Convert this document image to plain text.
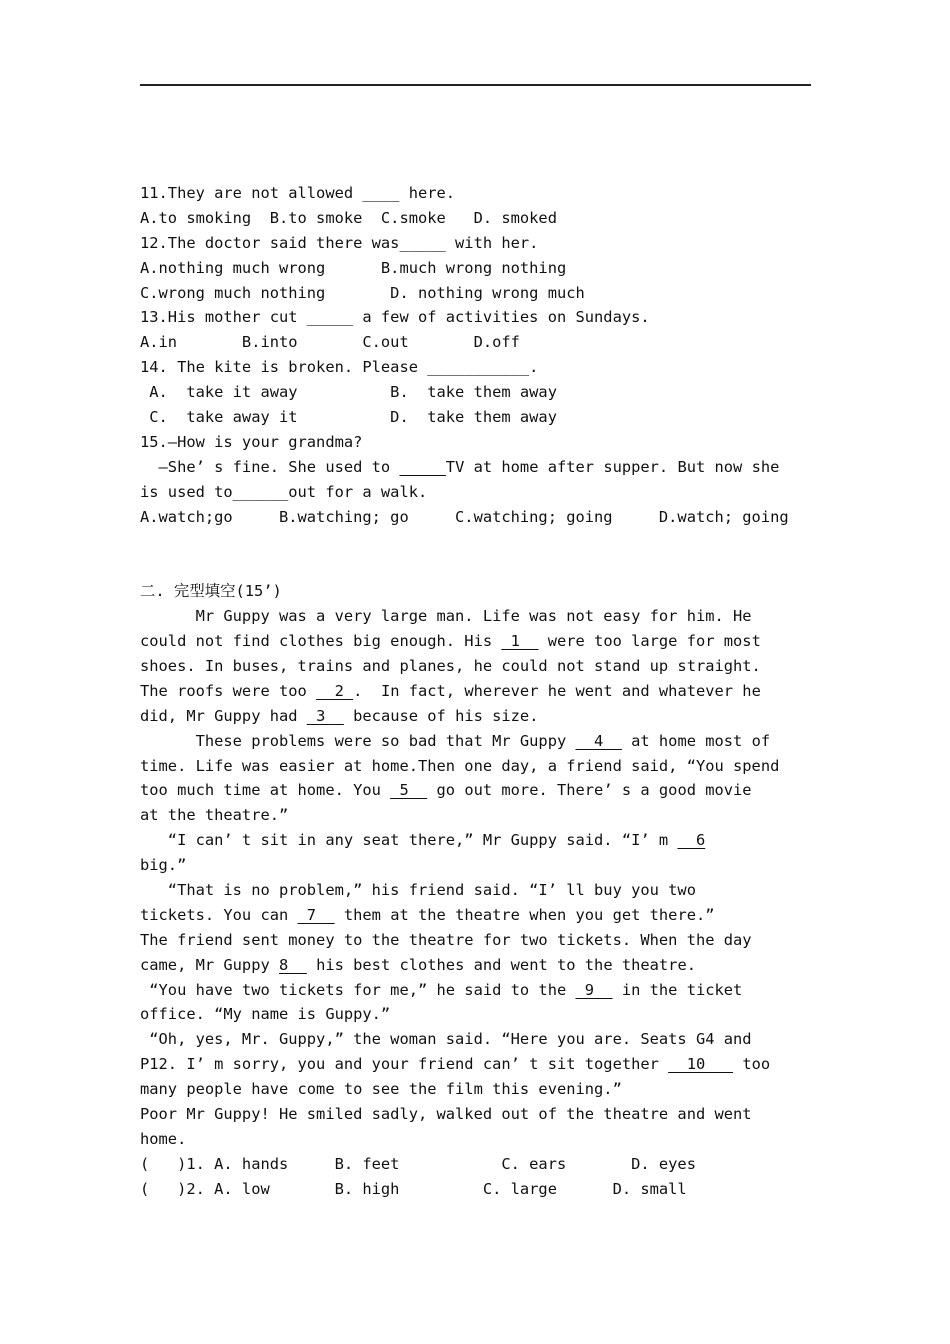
11.They are not allowed ____ here.
A.to smoking  B.to smoke  C.smoke   D. smoked
12.The doctor said there was_____ with her.
A.nothing much wrong      B.much wrong nothing
C.wrong much nothing       D. nothing wrong much
13.His mother cut _____ a few of activities on Sundays.
A.in       B.into       C.out       D.off
14. The kite is broken. Please ___________.
A.  take it away          B.  take them away
C.  take away it          D.  take them away
15.—How is your grandma?
—She’ s fine. She used to _____TV at home after supper. But now she
is used to______out for a walk.
A.watch;go     B.watching; go     C.watching; going     D.watch; going
二. 完型填空(15’)
Mr Guppy was a very large man. Life was not easy for him. He
could not find clothes big enough. His  1   were too large for most
shoes. In buses, trains and planes, he could not stand up straight.
The roofs were too   2 .  In fact, wherever he went and whatever he
did, Mr Guppy had  3   because of his size.
These problems were so bad that Mr Guppy   4   at home most of
time. Life was easier at home.Then one day, a friend said, “You spend
too much time at home. You  5   go out more. There’ s a good movie
at the theatre.”
“I can’ t sit in any seat there,” Mr Guppy said. “I’ m   6
big.”
“That is no problem,” his friend said. “I’ ll buy you two
tickets. You can  7   them at the theatre when you get there.”
The friend sent money to the theatre for two tickets. When the day
came, Mr Guppy 8   his best clothes and went to the theatre.
“You have two tickets for me,” he said to the  9   in the ticket
office. “My name is Guppy.”
“Oh, yes, Mr. Guppy,” the woman said. “Here you are. Seats G4 and
P12. I’ m sorry, you and your friend can’ t sit together   10    too
many people have come to see the film this evening.”
Poor Mr Guppy! He smiled sadly, walked out of the theatre and went
home.
(   )1. A. hands     B. feet           C. ears       D. eyes
(   )2. A. low       B. high         C. large      D. small
